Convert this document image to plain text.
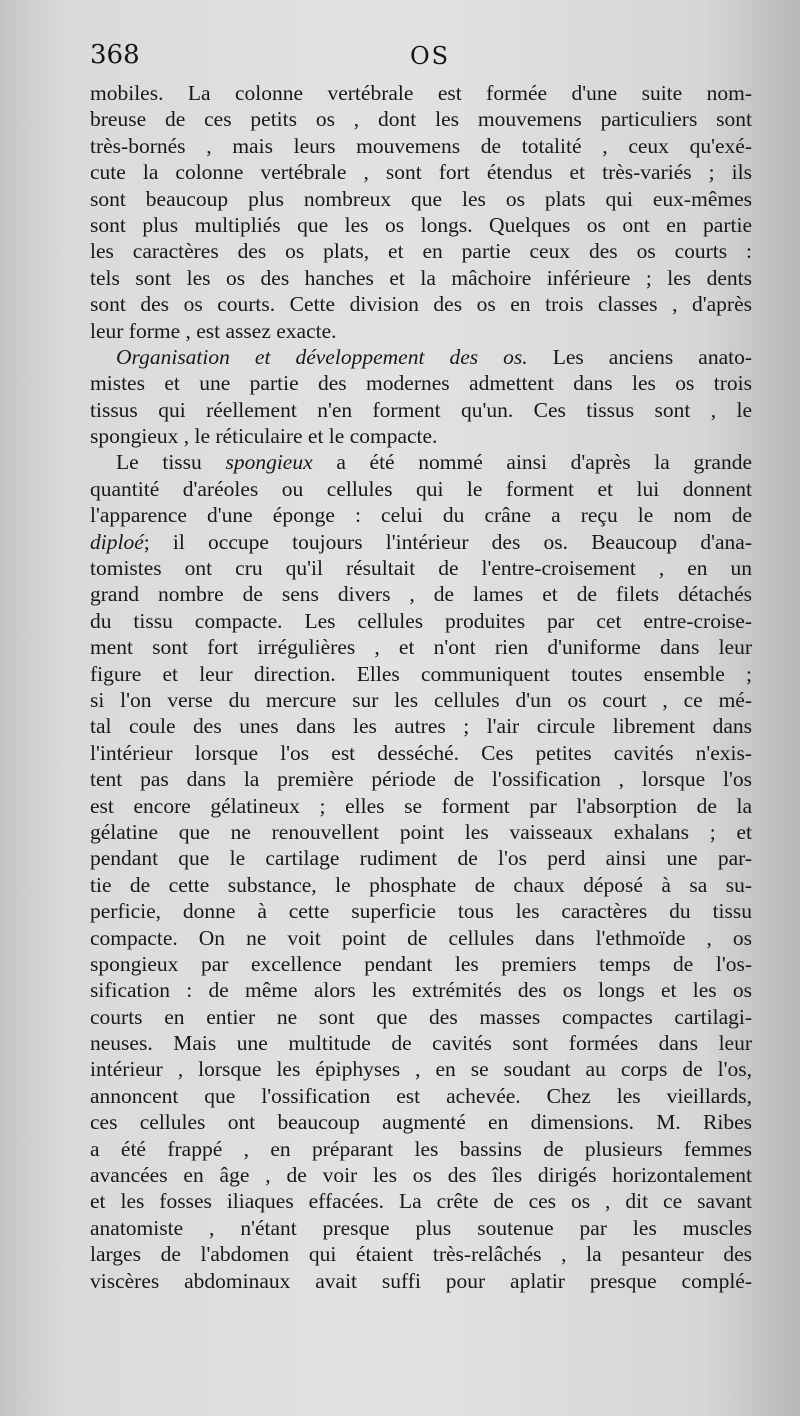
368	OS
mobiles. La colonne vertébrale est formée d'une suite nom-
breuse de ces petits os , dont les mouvemens particuliers sont
très-bornés , mais leurs mouvemens de totalité , ceux qu'exé-
cute la colonne vertébrale , sont fort étendus et très-variés ; ils
sont beaucoup plus nombreux que les os plats qui eux-mêmes
sont plus multipliés que les os longs. Quelques os ont en partie
les caractères des os plats, et en partie ceux des os courts :
tels sont les os des hanches et la mâchoire inférieure ; les dents
sont des os courts. Cette division des os en trois classes , d'après
leur forme , est assez exacte.
Organisation et développement des os. Les anciens anato-
mistes et une partie des modernes admettent dans les os trois
tissus qui réellement n'en forment qu'un. Ces tissus sont , le
spongieux , le réticulaire et le compacte.
Le tissu spongieux a été nommé ainsi d'après la grande
quantité d'aréoles ou cellules qui le forment et lui donnent
l'apparence d'une éponge : celui du crâne a reçu le nom de
diploé; il occupe toujours l'intérieur des os. Beaucoup d'ana-
tomistes ont cru qu'il résultait de l'entre-croisement , en un
grand nombre de sens divers , de lames et de filets détachés
du tissu compacte. Les cellules produites par cet entre-croise-
ment sont fort irrégulières , et n'ont rien d'uniforme dans leur
figure et leur direction. Elles communiquent toutes ensemble ;
si l'on verse du mercure sur les cellules d'un os court , ce mé-
tal coule des unes dans les autres ; l'air circule librement dans
l'intérieur lorsque l'os est desséché. Ces petites cavités n'exis-
tent pas dans la première période de l'ossification , lorsque l'os
est encore gélatineux ; elles se forment par l'absorption de la
gélatine que ne renouvellent point les vaisseaux exhalans ; et
pendant que le cartilage rudiment de l'os perd ainsi une par-
tie de cette substance, le phosphate de chaux déposé à sa su-
perficie, donne à cette superficie tous les caractères du tissu
compacte. On ne voit point de cellules dans l'ethmoïde , os
spongieux par excellence pendant les premiers temps de l'os-
sification : de même alors les extrémités des os longs et les os
courts en entier ne sont que des masses compactes cartilagi-
neuses. Mais une multitude de cavités sont formées dans leur
intérieur , lorsque les épiphyses , en se soudant au corps de l'os,
annoncent que l'ossification est achevée. Chez les vieillards,
ces cellules ont beaucoup augmenté en dimensions. M. Ribes
a été frappé , en préparant les bassins de plusieurs femmes
avancées en âge , de voir les os des îles dirigés horizontalement
et les fosses iliaques effacées. La crête de ces os , dit ce savant
anatomiste , n'étant presque plus soutenue par les muscles
larges de l'abdomen qui étaient très-relâchés , la pesanteur des
viscères abdominaux avait suffi pour aplatir presque complé-
